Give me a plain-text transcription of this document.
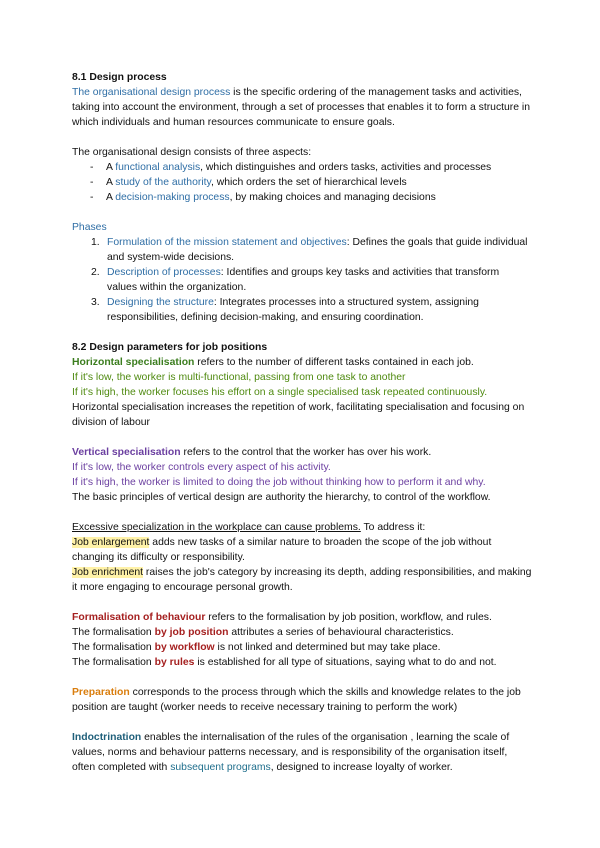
8.1 Design process

The organisational design process is the specific ordering of the management tasks and activities, taking into account the environment, through a set of processes that enables it to form a structure in which individuals and human resources communicate to ensure goals.

The organisational design consists of three aspects:

- A functional analysis, which distinguishes and orders tasks, activities and processes

- A study of the authority, which orders the set of hierarchical levels

- A decision-making process, by making choices and managing decisions

Phases

1. Formulation of the mission statement and objectives: Defines the goals that guide individual and system-wide decisions.

2. Description of processes: Identifies and groups key tasks and activities that transform values within the organization.

3. Designing the structure: Integrates processes into a structured system, assigning responsibilities, defining decision-making, and ensuring coordination.

8.2 Design parameters for job positions

Horizontal specialisation refers to the number of different tasks contained in each job.

If it's low, the worker is multi-functional, passing from one task to another

If it's high, the worker focuses his effort on a single specialised task repeated continuously.

Horizontal specialisation increases the repetition of work, facilitating specialisation and focusing on division of labour

Vertical specialisation refers to the control that the worker has over his work.

If it's low, the worker controls every aspect of his activity.

If it's high, the worker is limited to doing the job without thinking how to perform it and why.

The basic principles of vertical design are authority the hierarchy, to control of the workflow.

Excessive specialization in the workplace can cause problems. To address it:

Job enlargement adds new tasks of a similar nature to broaden the scope of the job without changing its difficulty or responsibility.

Job enrichment raises the job's category by increasing its depth, adding responsibilities, and making it more engaging to encourage personal growth.

Formalisation of behaviour refers to the formalisation by job position, workflow, and rules.

The formalisation by job position attributes a series of behavioural characteristics.

The formalisation by workflow is not linked and determined but may take place.

The formalisation by rules is established for all type of situations, saying what to do and not.

Preparation corresponds to the process through which the skills and knowledge relates to the job position are taught (worker needs to receive necessary training to perform the work)

Indoctrination enables the internalisation of the rules of the organisation , learning the scale of values, norms and behaviour patterns necessary, and is responsibility of the organisation itself, often completed with subsequent programs, designed to increase loyalty of worker.
